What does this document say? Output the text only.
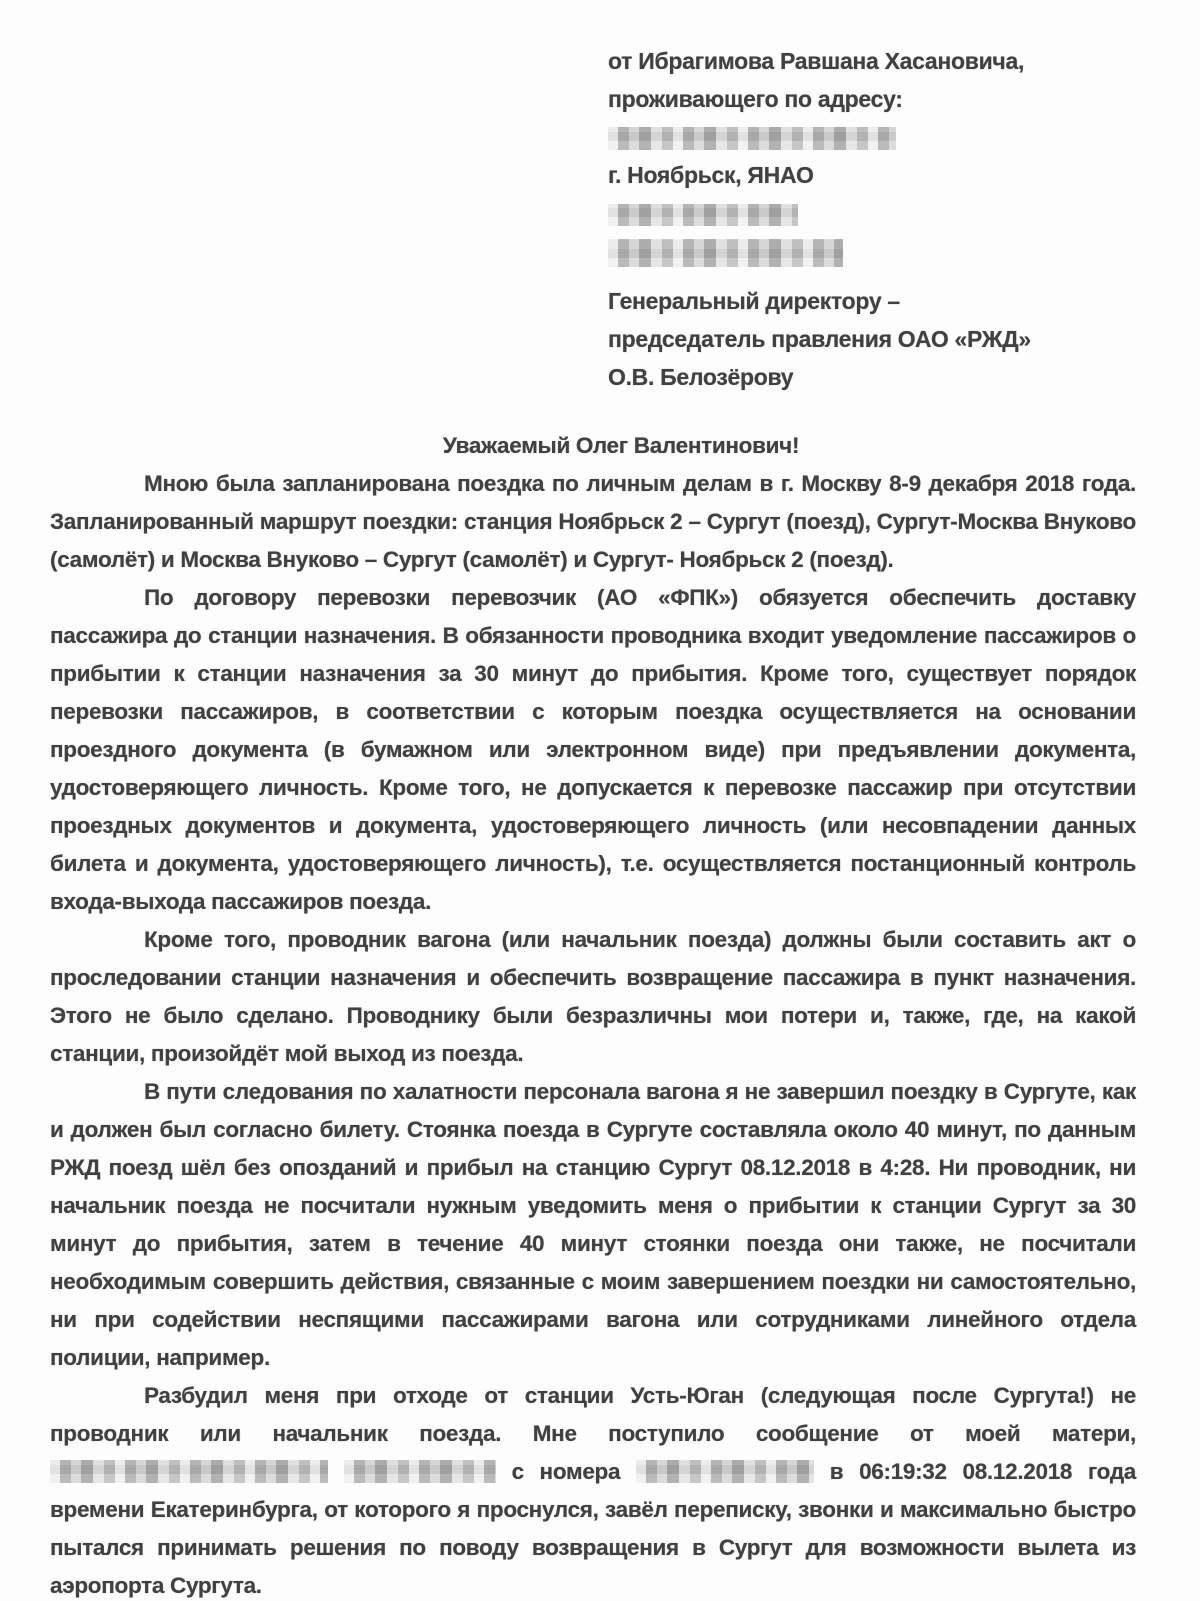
от Ибрагимова Равшана Хасановича,
проживающего по адресу:
г. Ноябрьск, ЯНАО
Генеральный директору –
председатель правления ОАО «РЖД»
О.В. Белозёрову
Уважаемый Олег Валентинович!

Мною была запланирована поездка по личным делам в г. Москву 8-9 декабря 2018 года. Запланированный маршрут поездки: станция Ноябрьск 2 – Сургут (поезд), Сургут-Москва Внуково (самолёт) и Москва Внуково – Сургут (самолёт) и Сургут- Ноябрьск 2 (поезд).

По договору перевозки перевозчик (АО «ФПК») обязуется обеспечить доставку пассажира до станции назначения. В обязанности проводника входит уведомление пассажиров о прибытии к станции назначения за 30 минут до прибытия. Кроме того, существует порядок перевозки пассажиров, в соответствии с которым поездка осуществляется на основании проездного документа (в бумажном или электронном виде) при предъявлении документа, удостоверяющего личность. Кроме того, не допускается к перевозке пассажир при отсутствии проездных документов и документа, удостоверяющего личность (или несовпадении данных билета и документа, удостоверяющего личность), т.е. осуществляется постанционный контроль входа-выхода пассажиров поезда.

Кроме того, проводник вагона (или начальник поезда) должны были составить акт о проследовании станции назначения и обеспечить возвращение пассажира в пункт назначения. Этого не было сделано. Проводнику были безразличны мои потери и, также, где, на какой станции, произойдёт мой выход из поезда.

В пути следования по халатности персонала вагона я не завершил поездку в Сургуте, как и должен был согласно билету. Стоянка поезда в Сургуте составляла около 40 минут, по данным РЖД поезд шёл без опозданий и прибыл на станцию Сургут 08.12.2018 в 4:28. Ни проводник, ни начальник поезда не посчитали нужным уведомить меня о прибытии к станции Сургут за 30 минут до прибытия, затем в течение 40 минут стоянки поезда они также, не посчитали необходимым совершить действия, связанные с моим завершением поездки ни самостоятельно, ни при содействии неспящими пассажирами вагона или сотрудниками линейного отдела полиции, например.

Разбудил меня при отходе от станции Усть-Юган (следующая после Сургута!) не проводник или начальник поезда. Мне поступило сообщение от моей матери,   с номера	в 06:19:32 08.12.2018 года времени Екатеринбурга, от которого я проснулся, завёл переписку, звонки и максимально быстро пытался принимать решения по поводу возвращения в Сургут для возможности вылета из аэропорта Сургута.
